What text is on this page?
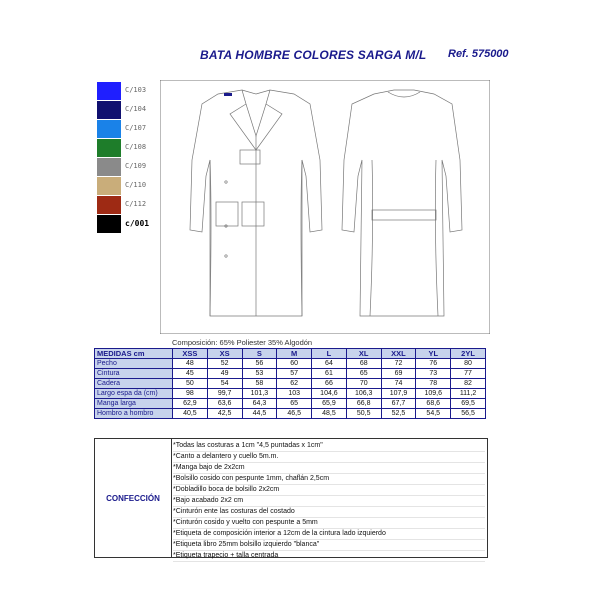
BATA HOMBRE COLORES SARGA M/L Ref. 575000
C/103
C/104
C/107
C/108
C/109
C/110
C/112
c/001
Composición: 65% Poliester 35% Algodón
MEDIDAS cm	XSS	XS	S	M	L	XL	XXL	YL	2YL
Pecho	48	52	56	60	64	68	72	76	80
Cintura	45	49	53	57	61	65	69	73	77
Cadera	50	54	58	62	66	70	74	78	82
Largo espa da (cm)	98	99,7	101,3	103	104,6	106,3	107,9	109,6	111,2
Manga larga	62,9	63,6	64,3	65	65,9	66,8	67,7	68,6	69,5
Hombro a hombro	40,5	42,5	44,5	46,5	48,5	50,5	52,5	54,5	56,5
CONFECCIÓN
*Todas las costuras a 1cm "4,5 puntadas x 1cm"
*Canto a delantero y cuello 5m.m.
*Manga bajo de 2x2cm
*Bolsillo cosido con pespunte 1mm, chaflán 2,5cm
*Dobladillo boca de bolsillo 2x2cm
*Bajo acabado 2x2 cm
*Cinturón ente las costuras del costado
*Cinturón cosido y vuelto con pespunte a 5mm
*Etiqueta de composición interior a 12cm de la cintura lado izquierdo
*Etiqueta libro 25mm bolsillo izquierdo "blanca"
*Etiqueta trapecio + talla centrada
